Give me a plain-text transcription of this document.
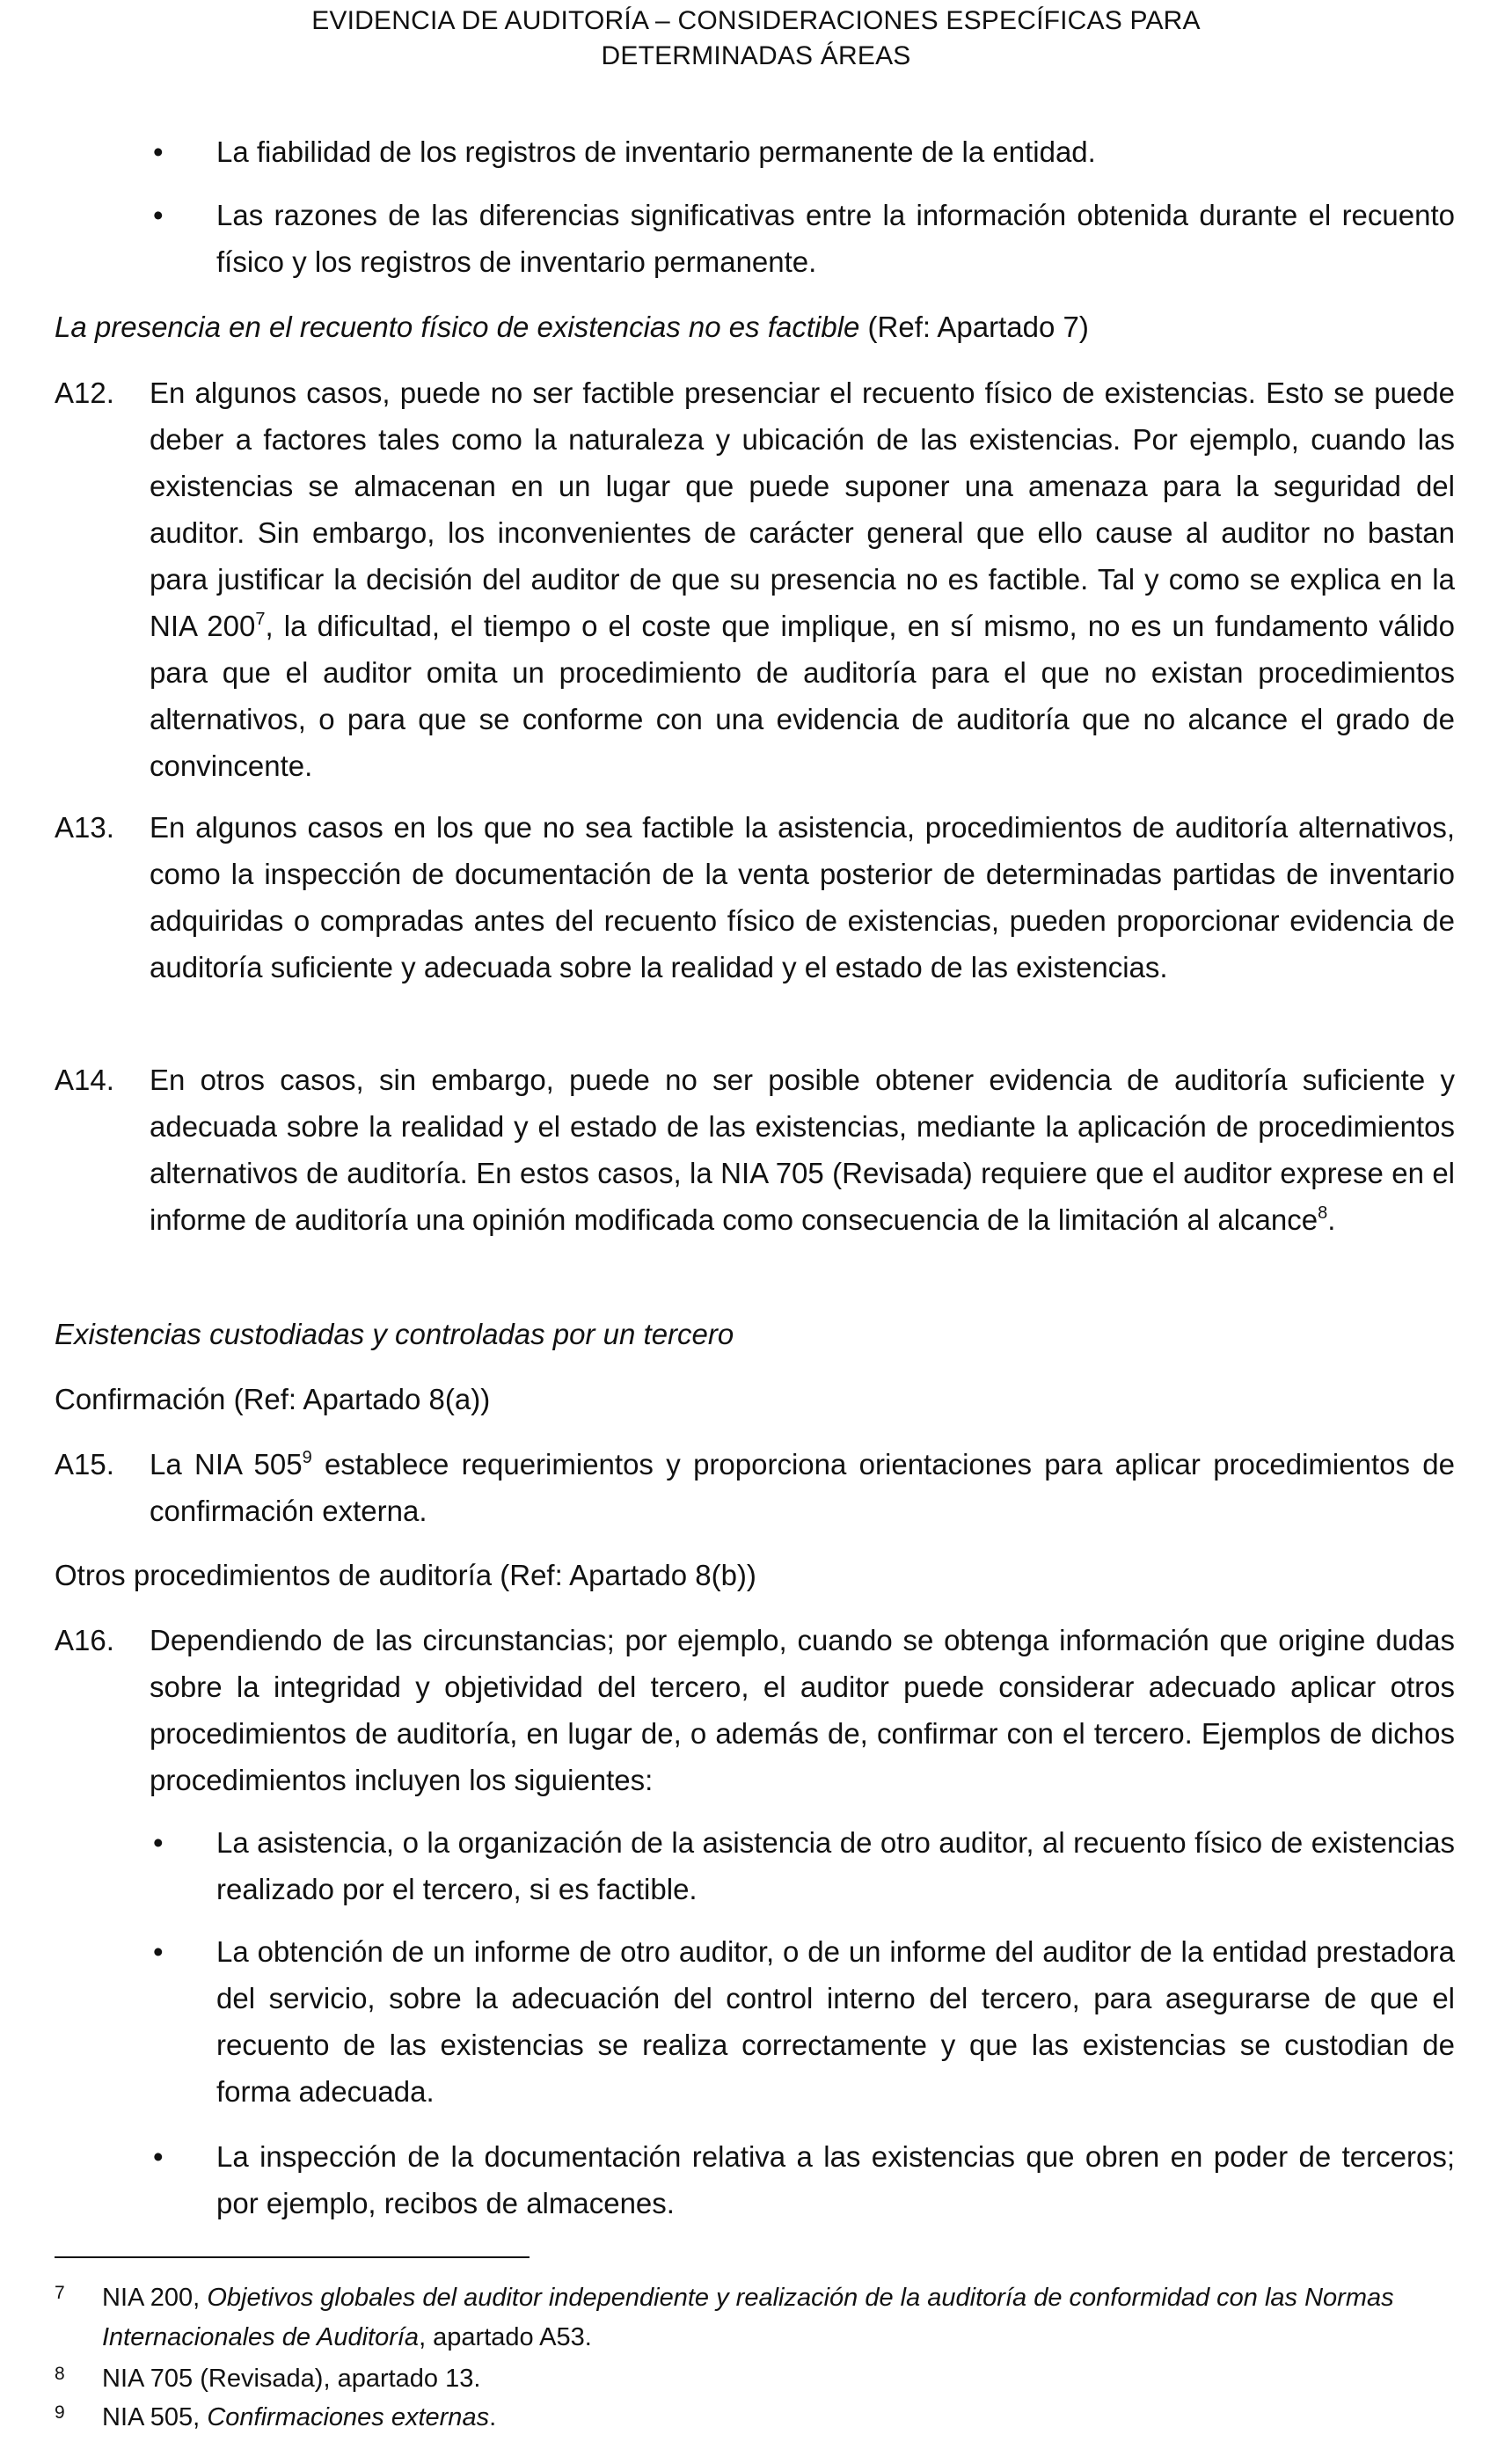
EVIDENCIA DE AUDITORÍA – CONSIDERACIONES ESPECÍFICAS PARA
DETERMINADAS ÁREAS
• La fiabilidad de los registros de inventario permanente de la entidad.
• Las razones de las diferencias significativas entre la información obtenida durante el recuento físico y los registros de inventario permanente.
La presencia en el recuento físico de existencias no es factible (Ref: Apartado 7)
A12. En algunos casos, puede no ser factible presenciar el recuento físico de existencias. Esto se puede deber a factores tales como la naturaleza y ubicación de las existencias. Por ejemplo, cuando las existencias se almacenan en un lugar que puede suponer una amenaza para la seguridad del auditor. Sin embargo, los inconvenientes de carácter general que ello cause al auditor no bastan para justificar la decisión del auditor de que su presencia no es factible. Tal y como se explica en la NIA $200^7$, la dificultad, el tiempo o el coste que implique, en sí mismo, no es un fundamento válido para que el auditor omita un procedimiento de auditoría para el que no existan procedimientos alternativos, o para que se conforme con una evidencia de auditoría que no alcance el grado de convincente.
A13. En algunos casos en los que no sea factible la asistencia, procedimientos de auditoría alternativos, como la inspección de documentación de la venta posterior de determinadas partidas de inventario adquiridas o compradas antes del recuento físico de existencias, pueden proporcionar evidencia de auditoría suficiente y adecuada sobre la realidad y el estado de las existencias.
A14. En otros casos, sin embargo, puede no ser posible obtener evidencia de auditoría suficiente y adecuada sobre la realidad y el estado de las existencias, mediante la aplicación de procedimientos alternativos de auditoría. En estos casos, la NIA 705 (Revisada) requiere que el auditor exprese en el informe de auditoría una opinión modificada como consecuencia de la limitación al alcance$^8$.
Existencias custodiadas y controladas por un tercero
Confirmación (Ref: Apartado 8(a))
A15. La NIA $505^9$ establece requerimientos y proporciona orientaciones para aplicar procedimientos de confirmación externa.
Otros procedimientos de auditoría (Ref: Apartado 8(b))
A16. Dependiendo de las circunstancias; por ejemplo, cuando se obtenga información que origine dudas sobre la integridad y objetividad del tercero, el auditor puede considerar adecuado aplicar otros procedimientos de auditoría, en lugar de, o además de, confirmar con el tercero. Ejemplos de dichos procedimientos incluyen los siguientes:
• La asistencia, o la organización de la asistencia de otro auditor, al recuento físico de existencias realizado por el tercero, si es factible.
• La obtención de un informe de otro auditor, o de un informe del auditor de la entidad prestadora del servicio, sobre la adecuación del control interno del tercero, para asegurarse de que el recuento de las existencias se realiza correctamente y que las existencias se custodian de forma adecuada.
• La inspección de la documentación relativa a las existencias que obren en poder de terceros; por ejemplo, recibos de almacenes.
7 NIA 200, Objetivos globales del auditor independiente y realización de la auditoría de conformidad con las Normas Internacionales de Auditoría, apartado A53.
8 NIA 705 (Revisada), apartado 13.
9 NIA 505, Confirmaciones externas.
